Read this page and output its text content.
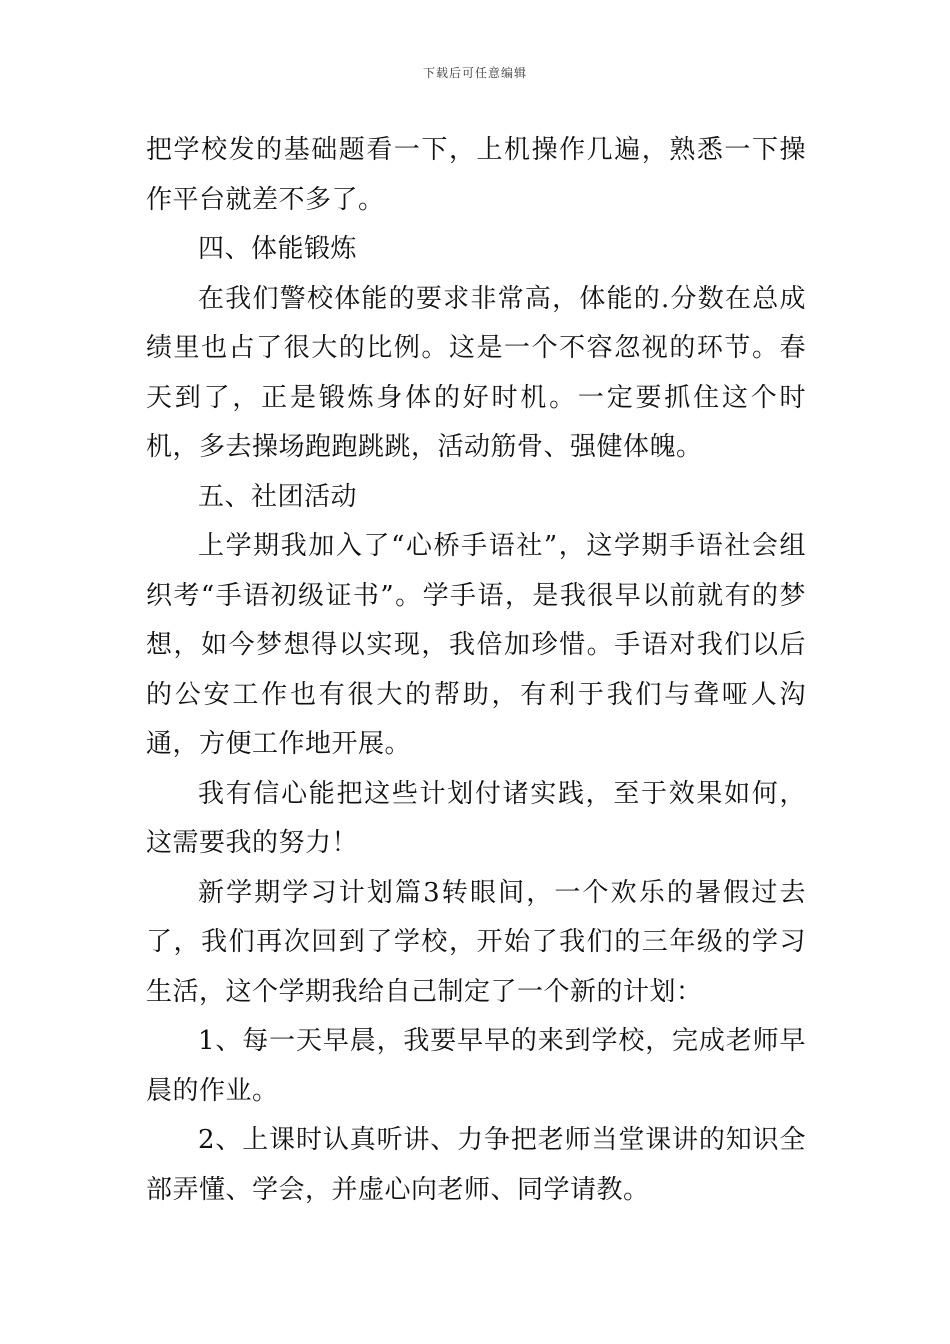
下载后可任意编辑

把学校发的基础题看一下，上机操作几遍，熟悉一下操作平台就差不多了。

四、体能锻炼

在我们警校体能的要求非常高，体能的.分数在总成绩里也占了很大的比例。这是一个不容忽视的环节。春天到了，正是锻炼身体的好时机。一定要抓住这个时机，多去操场跑跑跳跳，活动筋骨、强健体魄。

五、社团活动

上学期我加入了“心桥手语社”，这学期手语社会组织考“手语初级证书”。学手语，是我很早以前就有的梦想，如今梦想得以实现，我倍加珍惜。手语对我们以后的公安工作也有很大的帮助，有利于我们与聋哑人沟通，方便工作地开展。

我有信心能把这些计划付诸实践，至于效果如何，这需要我的努力！

新学期学习计划篇3转眼间，一个欢乐的暑假过去了，我们再次回到了学校，开始了我们的三年级的学习生活，这个学期我给自己制定了一个新的计划：

1、每一天早晨，我要早早的来到学校，完成老师早晨的作业。

2、上课时认真听讲、力争把老师当堂课讲的知识全部弄懂、学会，并虚心向老师、同学请教。
